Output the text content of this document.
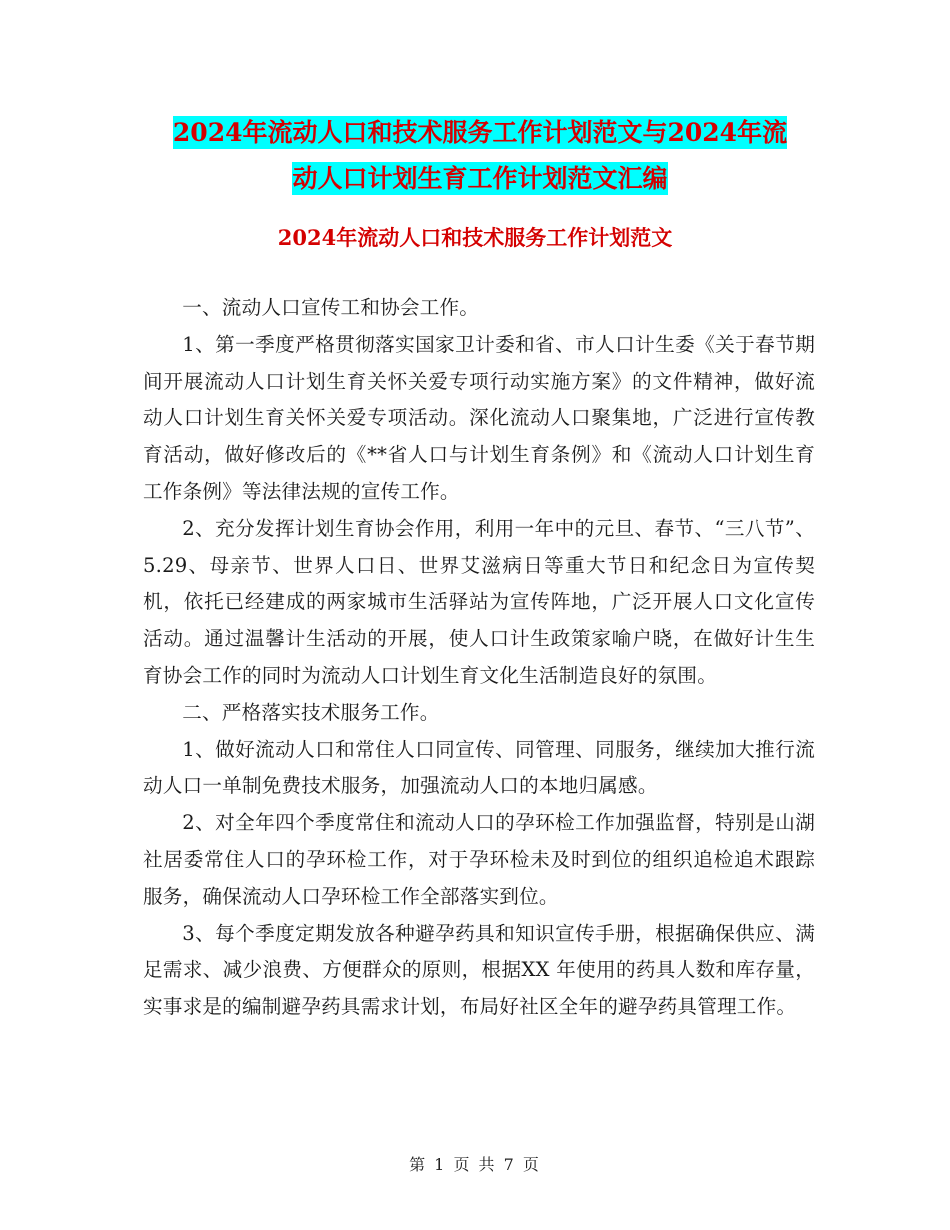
2024年流动人口和技术服务工作计划范文与2024年流
动人口计划生育工作计划范文汇编
2024年流动人口和技术服务工作计划范文

一、流动人口宣传工和协会工作。

1、第一季度严格贯彻落实国家卫计委和省、市人口计生委《关于春节期间开展流动人口计划生育关怀关爱专项行动实施方案》的文件精神，做好流动人口计划生育关怀关爱专项活动。深化流动人口聚集地，广泛进行宣传教育活动，做好修改后的《**省人口与计划生育条例》和《流动人口计划生育工作条例》等法律法规的宣传工作。

2、充分发挥计划生育协会作用，利用一年中的元旦、春节、“三八节”、5.29、母亲节、世界人口日、世界艾滋病日等重大节日和纪念日为宣传契机，依托已经建成的两家城市生活驿站为宣传阵地，广泛开展人口文化宣传活动。通过温馨计生活动的开展，使人口计生政策家喻户晓，在做好计生生育协会工作的同时为流动人口计划生育文化生活制造良好的氛围。

二、严格落实技术服务工作。

1、做好流动人口和常住人口同宣传、同管理、同服务，继续加大推行流动人口一单制免费技术服务，加强流动人口的本地归属感。

2、对全年四个季度常住和流动人口的孕环检工作加强监督，特别是山湖社居委常住人口的孕环检工作，对于孕环检未及时到位的组织追检追术跟踪服务，确保流动人口孕环检工作全部落实到位。

3、每个季度定期发放各种避孕药具和知识宣传手册，根据确保供应、满足需求、减少浪费、方便群众的原则，根据XX 年使用的药具人数和库存量，实事求是的编制避孕药具需求计划，布局好社区全年的避孕药具管理工作。

第 1 页 共 7 页
